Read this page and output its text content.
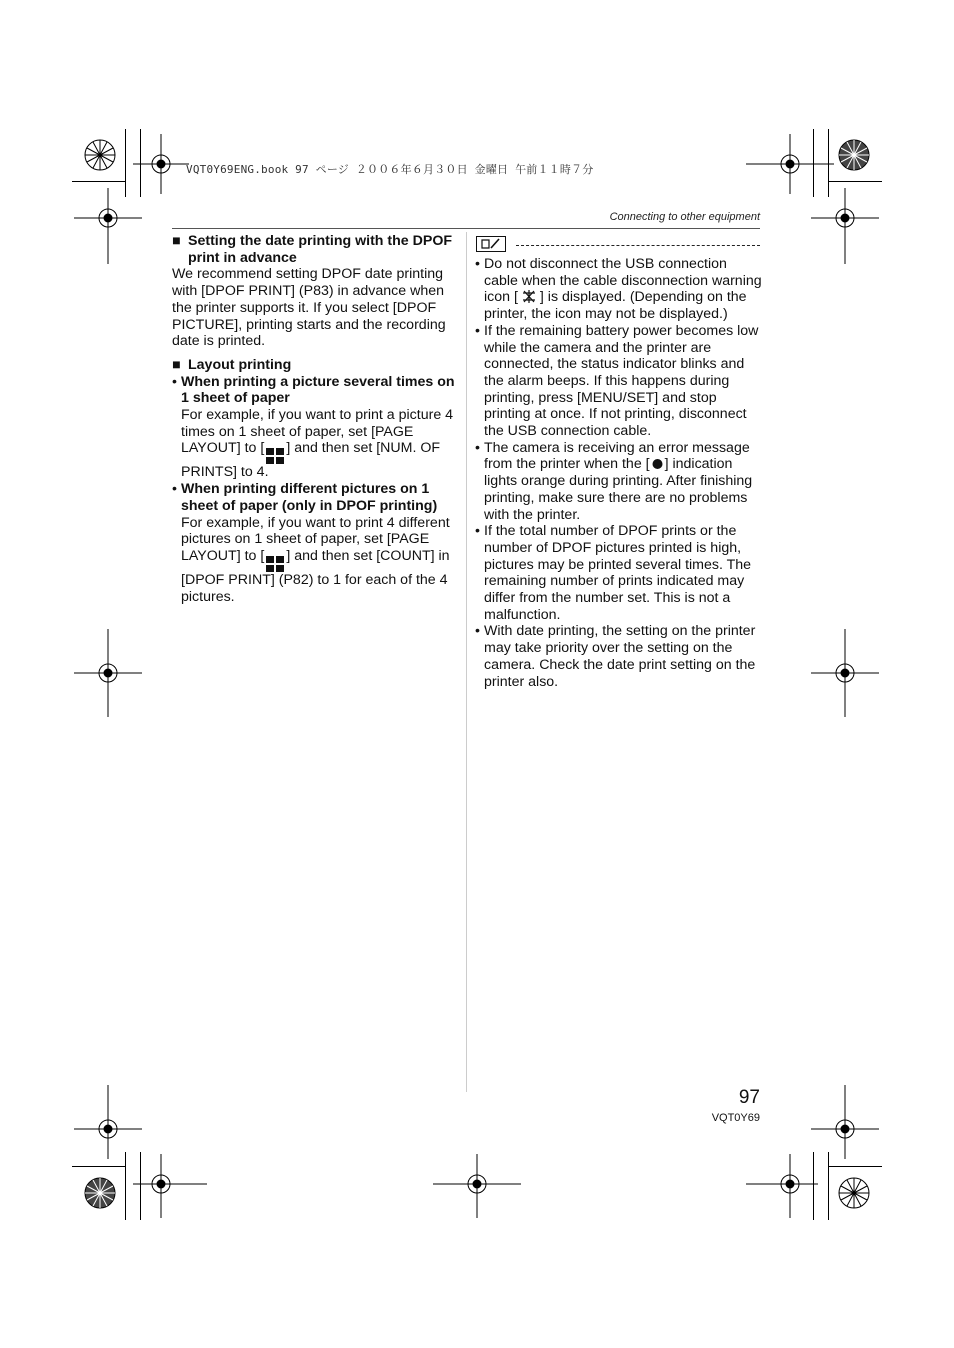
VQT0Y69ENG.book 97 ページ ２００６年６月３０日 金曜日 午前１１時７分
Connecting to other equipment
■ Setting the date printing with the DPOF print in advance

We recommend setting DPOF date printing with [DPOF PRINT] (P83) in advance when the printer supports it. If you select [DPOF PICTURE], printing starts and the recording date is printed.

■ Layout printing
• When printing a picture several times on 1 sheet of paper

For example, if you want to print a picture 4 times on 1 sheet of paper, set [PAGE LAYOUT] to [ ] and then set [NUM. OF PRINTS] to 4.

• When printing different pictures on 1 sheet of paper (only in DPOF printing)

For example, if you want to print 4 different pictures on 1 sheet of paper, set [PAGE LAYOUT] to [ ] and then set [COUNT] in [DPOF PRINT] (P82) to 1 for each of the 4 pictures.

• Do not disconnect the USB connection cable when the cable disconnection warning icon [ ] is displayed. (Depending on the printer, the icon may not be displayed.)
• If the remaining battery power becomes low while the camera and the printer are connected, the status indicator blinks and the alarm beeps. If this happens during printing, press [MENU/SET] and stop printing at once. If not printing, disconnect the USB connection cable.
• The camera is receiving an error message from the printer when the [ ] indication lights orange during printing. After finishing printing, make sure there are no problems with the printer.
• If the total number of DPOF prints or the number of DPOF pictures printed is high, pictures may be printed several times. The remaining number of prints indicated may differ from the number set. This is not a malfunction.
• With date printing, the setting on the printer may take priority over the setting on the camera. Check the date print setting on the printer also.
97
VQT0Y69
